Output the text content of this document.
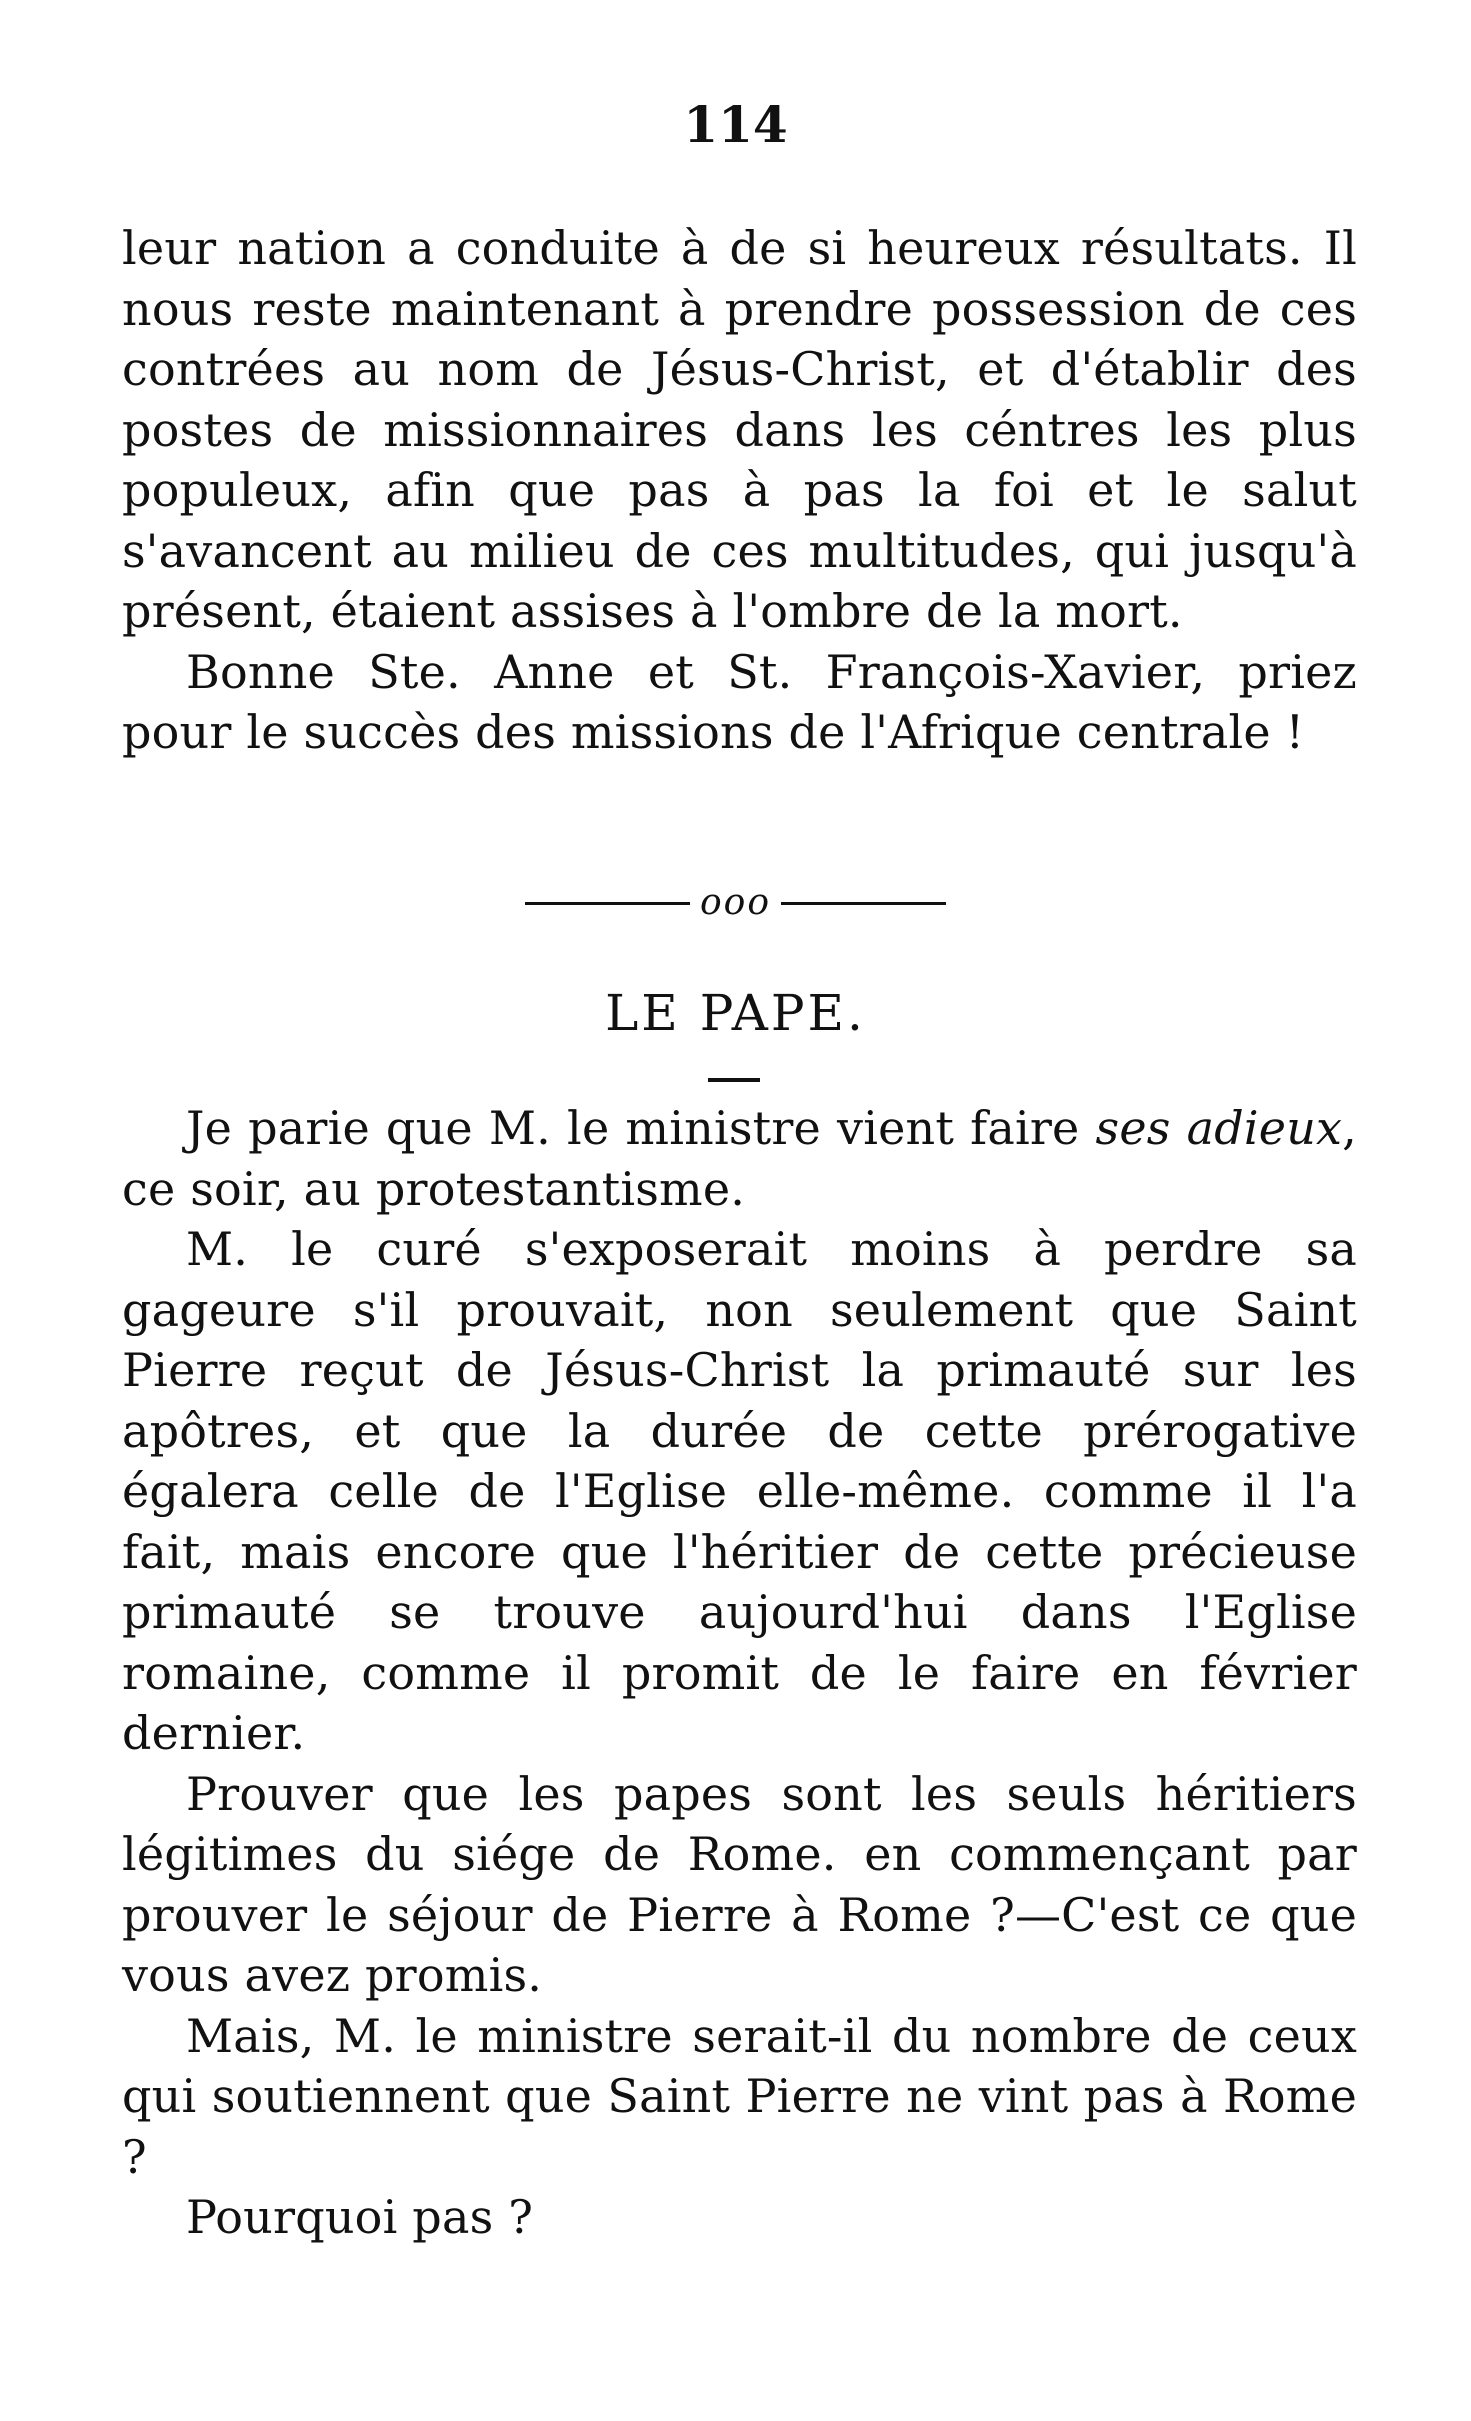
114

leur nation a conduite à de si heureux résultats. Il nous reste maintenant à prendre possession de ces contrées au nom de Jésus-Christ, et d'établir des postes de missionnaires dans les céntres les plus populeux, afin que pas à pas la foi et le salut s'avancent au milieu de ces multitudes, qui jusqu'à présent, étaient assises à l'ombre de la mort.

Bonne Ste. Anne et St. François-Xavier, priez pour le succès des missions de l'Afrique centrale !

ooo
LE PAPE.

Je parie que M. le ministre vient faire ses adieux, ce soir, au protestantisme.

M. le curé s'exposerait moins à perdre sa gageure s'il prouvait, non seulement que Saint Pierre reçut de Jésus-Christ la primauté sur les apôtres, et que la durée de cette prérogative égalera celle de l'Eglise elle-même. comme il l'a fait, mais encore que l'héritier de cette précieuse primauté se trouve aujourd'hui dans l'Eglise romaine, comme il promit de le faire en février dernier.

Prouver que les papes sont les seuls héritiers légitimes du siége de Rome. en commençant par prouver le séjour de Pierre à Rome ?—C'est ce que vous avez promis.

Mais, M. le ministre serait-il du nombre de ceux qui soutiennent que Saint Pierre ne vint pas à Rome ?

Pourquoi pas ?
